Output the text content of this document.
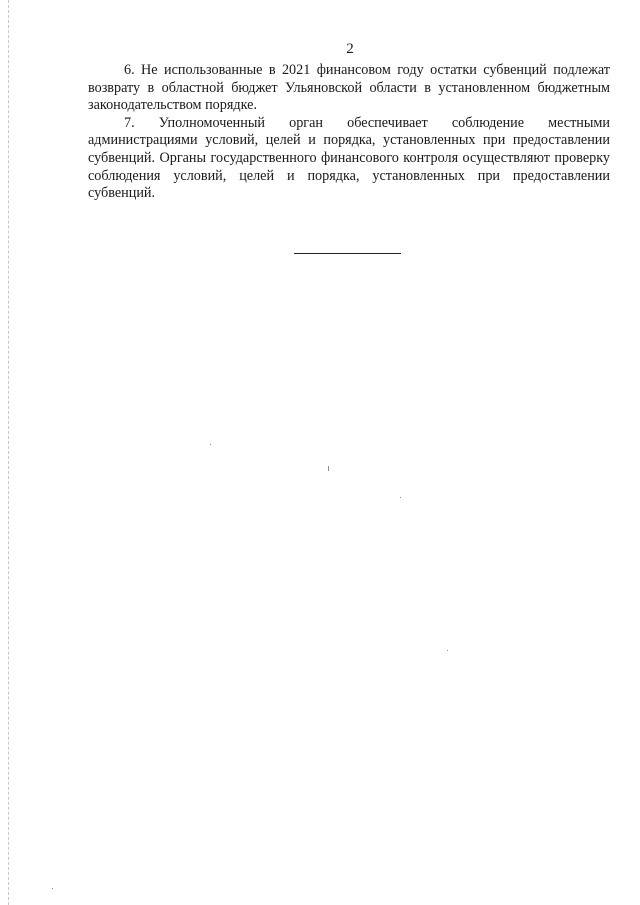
2

6. Не использованные в 2021 финансовом году остатки субвенций подлежат возврату в областной бюджет Ульяновской области в установленном бюджетным законодательством порядке.

7. Уполномоченный орган обеспечивает соблюдение местными администрациями условий, целей и порядка, установленных при предоставлении субвенций. Органы государственного финансового контроля осуществляют проверку соблюдения условий, целей и порядка, установленных при предоставлении субвенций.
